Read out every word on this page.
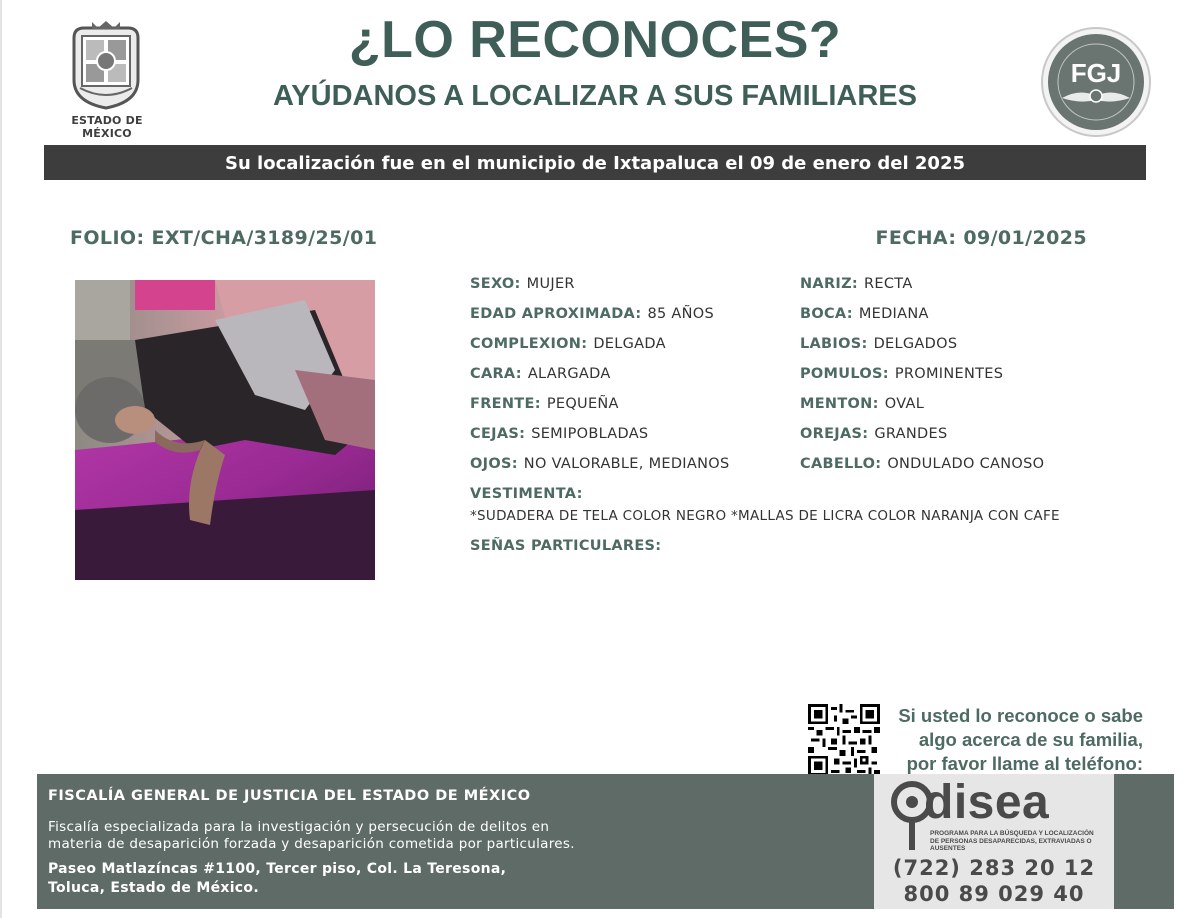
ESTADO DE MÉXICO
¿LO RECONOCES?
AYÚDANOS A LOCALIZAR A SUS FAMILIARES
FGJ
Su localización fue en el municipio de Ixtapaluca el 09 de enero del 2025
FOLIO: EXT/CHA/3189/25/01	FECHA: 09/01/2025
SEXO: MUJER
EDAD APROXIMADA: 85 AÑOS
COMPLEXION: DELGADA
CARA: ALARGADA
FRENTE: PEQUEÑA
CEJAS: SEMIPOBLADAS
OJOS: NO VALORABLE, MEDIANOS
NARIZ: RECTA
BOCA: MEDIANA
LABIOS: DELGADOS
POMULOS: PROMINENTES
MENTON: OVAL
OREJAS: GRANDES
CABELLO: ONDULADO CANOSO
VESTIMENTA:
*SUDADERA DE TELA COLOR NEGRO *MALLAS DE LICRA COLOR NARANJA CON CAFE
SEÑAS PARTICULARES:
Si usted lo reconoce o sabe
algo acerca de su familia,
por favor llame al teléfono:
FISCALÍA GENERAL DE JUSTICIA DEL ESTADO DE MÉXICO
Fiscalía especializada para la investigación y persecución de delitos en
materia de desaparición forzada y desaparición cometida por particulares.
Paseo Matlazíncas #1100, Tercer piso, Col. La Teresona,
Toluca, Estado de México.
disea
PROGRAMA PARA LA BÚSQUEDA Y LOCALIZACIÓN
DE PERSONAS DESAPARECIDAS, EXTRAVIADAS O
AUSENTES
(722) 283 20 12
800 89 029 40
